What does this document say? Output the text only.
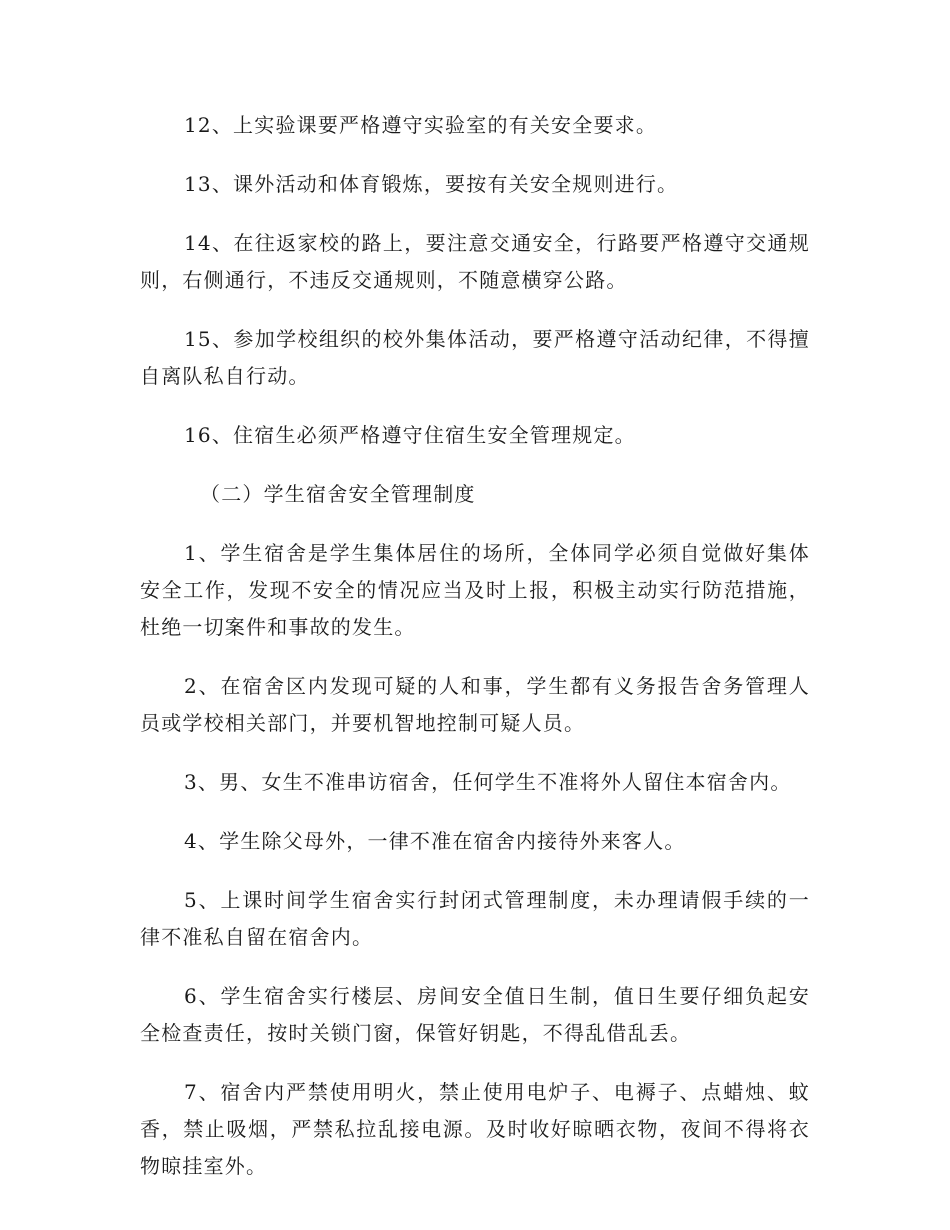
12、上实验课要严格遵守实验室的有关安全要求。

13、课外活动和体育锻炼，要按有关安全规则进行。

14、在往返家校的路上，要注意交通安全，行路要严格遵守交通规则，右侧通行，不违反交通规则，不随意横穿公路。

15、参加学校组织的校外集体活动，要严格遵守活动纪律，不得擅自离队私自行动。

16、住宿生必须严格遵守住宿生安全管理规定。

（二）学生宿舍安全管理制度

1、学生宿舍是学生集体居住的场所，全体同学必须自觉做好集体安全工作，发现不安全的情况应当及时上报，积极主动实行防范措施，杜绝一切案件和事故的发生。

2、在宿舍区内发现可疑的人和事，学生都有义务报告舍务管理人员或学校相关部门，并要机智地控制可疑人员。

3、男、女生不准串访宿舍，任何学生不准将外人留住本宿舍内。

4、学生除父母外，一律不准在宿舍内接待外来客人。

5、上课时间学生宿舍实行封闭式管理制度，未办理请假手续的一律不准私自留在宿舍内。

6、学生宿舍实行楼层、房间安全值日生制，值日生要仔细负起安全检查责任，按时关锁门窗，保管好钥匙，不得乱借乱丢。

7、宿舍内严禁使用明火，禁止使用电炉子、电褥子、点蜡烛、蚊香，禁止吸烟，严禁私拉乱接电源。及时收好晾晒衣物，夜间不得将衣物晾挂室外。
